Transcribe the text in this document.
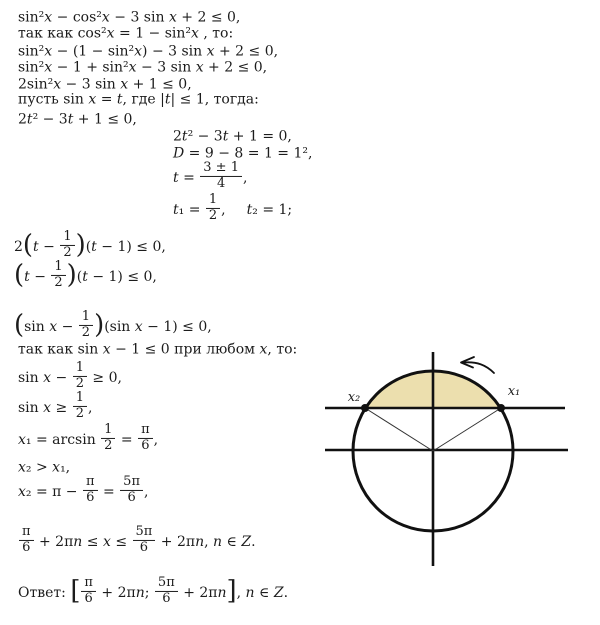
sin²x − cos²x − 3 sin x + 2 ≤ 0,
так как cos²x = 1 − sin²x , то:
sin²x − (1 − sin²x) − 3 sin x + 2 ≤ 0,
sin²x − 1 + sin²x − 3 sin x + 2 ≤ 0,
2sin²x − 3 sin x + 1 ≤ 0,
пусть sin x = t, где |t| ≤ 1, тогда:
2t² − 3t + 1 ≤ 0,
2t² − 3t + 1 = 0,
D = 9 − 8 = 1 = 1²,
$t = \frac{3 \pm 1}{4}$ ,
$t_1 = \frac{1}{2}$ ,  t₂ = 1;
$2(t - \frac{1}{2} )(t - 1) \le 0$,
$(t - \frac{1}{2} )(t - 1) \le 0$,
(sin $x - \frac{1}{2} )(\sin$ x − 1) ≤ 0,
так как sin x − 1 ≤ 0 при любом x, то:
$\sin x - \frac{1}{2} \ge 0$,
$\sin x \ge \frac{1}{2}$ ,
$x_1 = \arcsin \frac{1}{2} = \frac{\pi}{6}$ ,
x₂ > x₁,
$x_2 = \pi - \frac{\pi}{6} = \frac{5\pi}{6}$ ,
$\frac{\pi}{6} + 2\pi n \le x \le \frac{5\pi}{6} + 2\pi n$, n ∈ Z.
Ответ: [ $\frac{\pi}{6} + 2\pi n$; $\frac{5\pi}{6} + 2\pi n$], n ∈ Z.
x₂	x₁
